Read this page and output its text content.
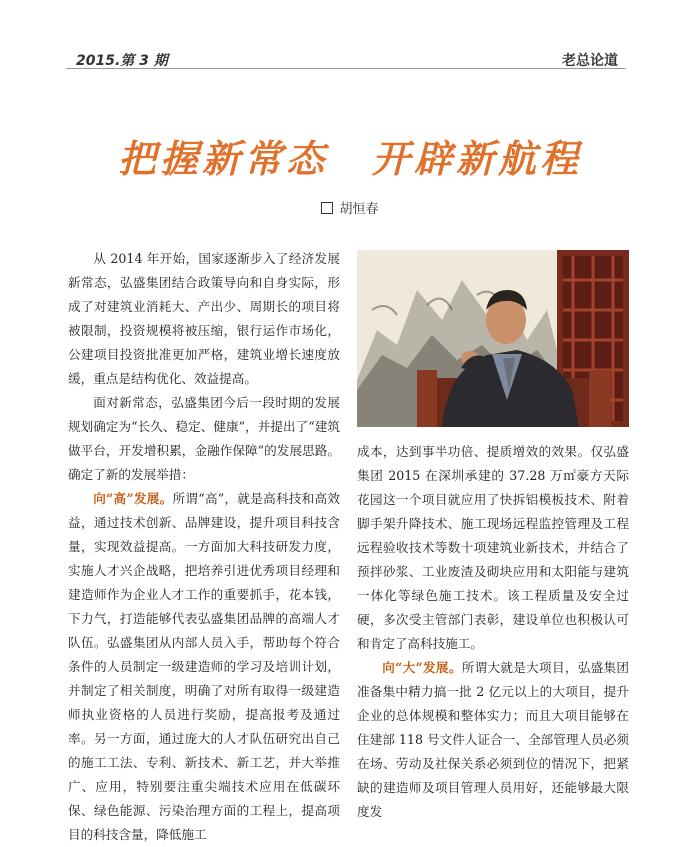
2015.第 3 期	老总论道
把握新常态 开辟新航程
胡恒春

从 2014 年开始，国家逐渐步入了经济发展新常态，弘盛集团结合政策导向和自身实际，形成了对建筑业消耗大、产出少、周期长的项目将被限制，投资规模将被压缩，银行运作市场化，公建项目投资批准更加严格，建筑业增长速度放缓，重点是结构优化、效益提高。

面对新常态，弘盛集团今后一段时期的发展规划确定为“长久、稳定、健康”，并提出了“建筑做平台，开发增积累，金融作保障”的发展思路。确定了新的发展举措：

向“高”发展。所谓“高”，就是高科技和高效益，通过技术创新、品牌建设，提升项目科技含量，实现效益提高。一方面加大科技研发力度，实施人才兴企战略，把培养引进优秀项目经理和建造师作为企业人才工作的重要抓手，花本钱，下力气，打造能够代表弘盛集团品牌的高端人才队伍。弘盛集团从内部人员入手，帮助每个符合条件的人员制定一级建造师的学习及培训计划，并制定了相关制度，明确了对所有取得一级建造师执业资格的人员进行奖励，提高报考及通过率。另一方面，通过庞大的人才队伍研究出自己的施工工法、专利、新技术、新工艺，并大举推广、应用，特别要注重尖端技术应用在低碳环保、绿色能源、污染治理方面的工程上，提高项目的科技含量，降低施工

成本，达到事半功倍、提质增效的效果。仅弘盛集团 2015 在深圳承建的 37.28 万㎡豪方天际花园这一个项目就应用了快拆铝模板技术、附着脚手架升降技术、施工现场远程监控管理及工程远程验收技术等数十项建筑业新技术，并结合了预拌砂浆、工业废渣及砌块应用和太阳能与建筑一体化等绿色施工技术。该工程质量及安全过硬，多次受主管部门表彰，建设单位也积极认可和肯定了高科技施工。

向“大”发展。所谓大就是大项目，弘盛集团准备集中精力搞一批 2 亿元以上的大项目，提升企业的总体规模和整体实力；而且大项目能够在住建部 118 号文件人证合一、全部管理人员必须在场、劳动及社保关系必须到位的情况下，把紧缺的建造师及项目管理人员用好，还能够最大限度发
